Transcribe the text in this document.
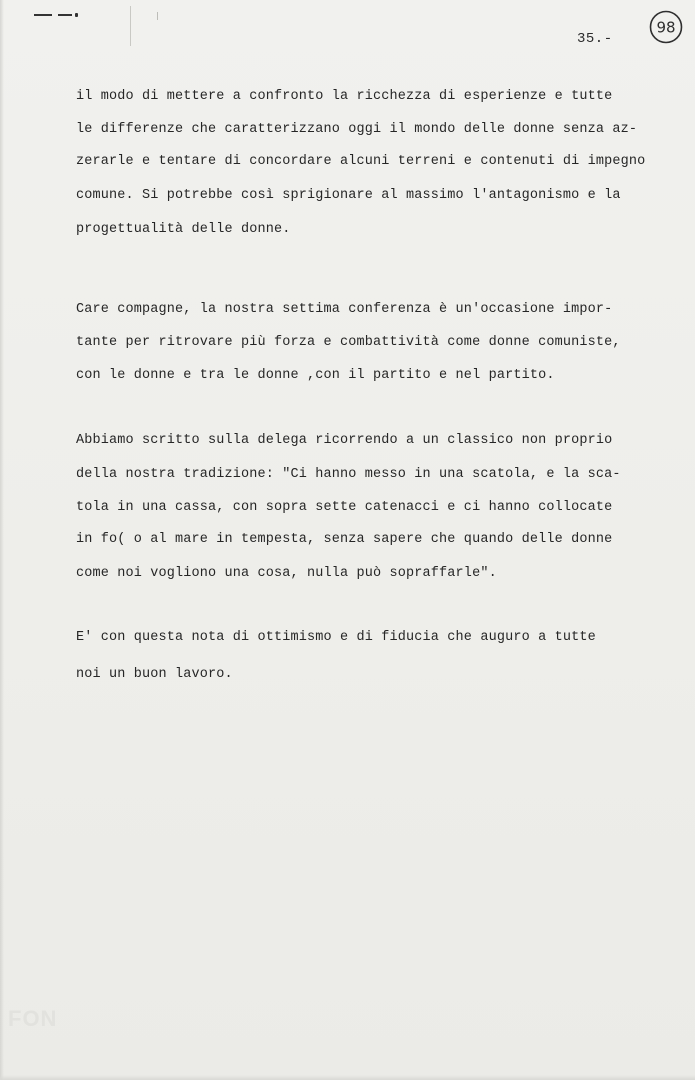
35.-

98

il modo di mettere a confronto la ricchezza di esperienze e tutte

le differenze che caratterizzano oggi il mondo delle donne senza az-

zerarle e tentare di concordare alcuni terreni e contenuti di impegno

comune. Si potrebbe così sprigionare al massimo l'antagonismo e la

progettualità delle donne.

Care compagne, la nostra settima conferenza è un'occasione impor-

tante per ritrovare più forza e combattività come donne comuniste,

con le donne e tra le donne ,con il partito e nel partito.

Abbiamo scritto sulla delega ricorrendo a un classico non proprio

della nostra tradizione: "Ci hanno messo in una scatola, e la sca-

tola in una cassa, con sopra sette catenacci e ci hanno collocate

in fo( o al mare in tempesta, senza sapere che quando delle donne

come noi vogliono una cosa, nulla può sopraffarle".

E' con questa nota di ottimismo e di fiducia che auguro a tutte

noi un buon lavoro.

FON
